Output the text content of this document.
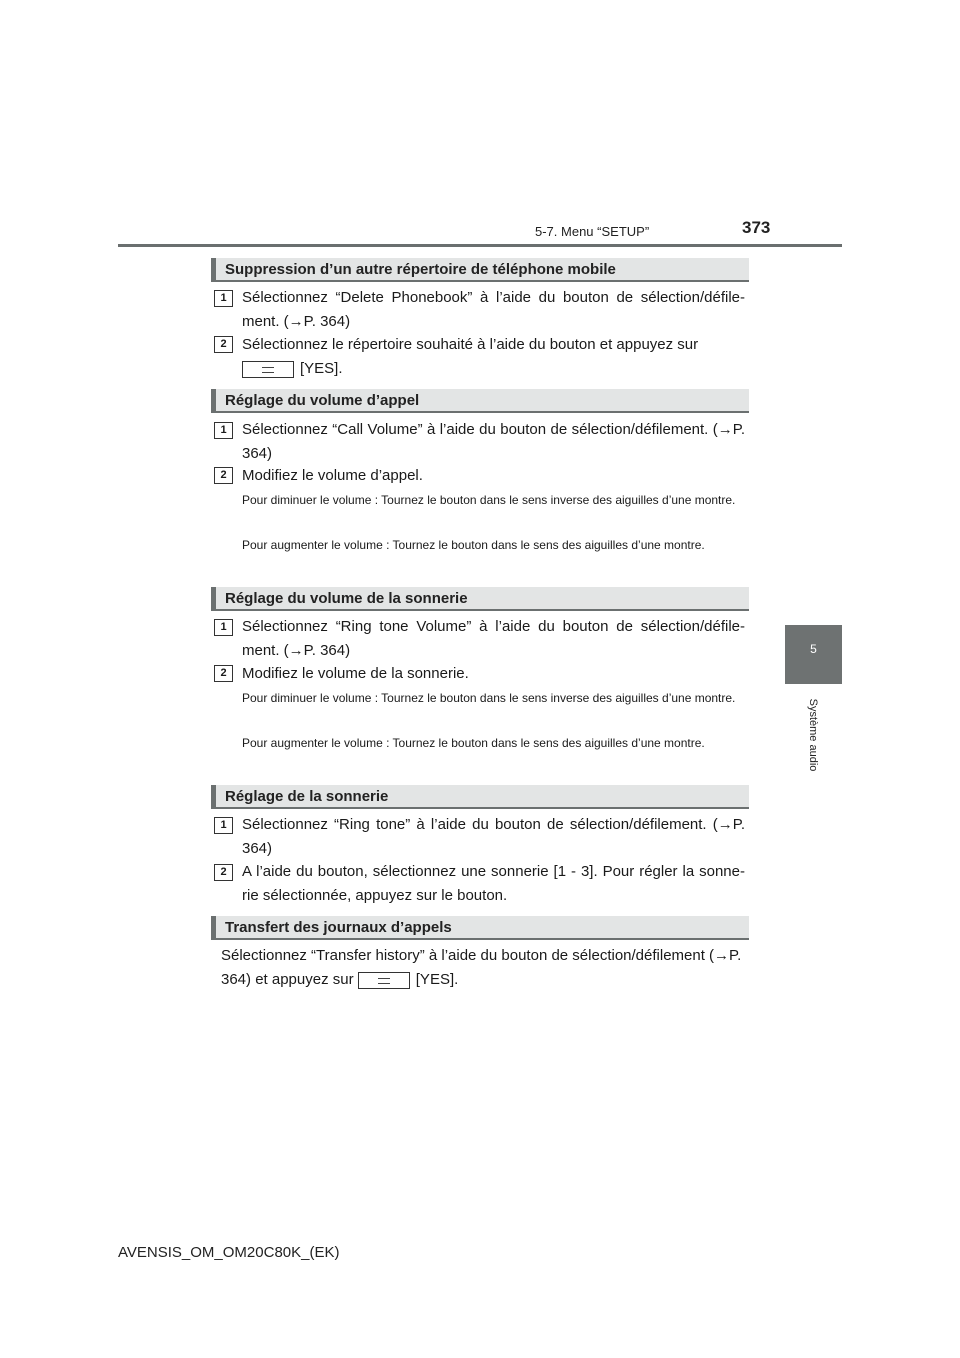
5-7. Menu “SETUP”	373
5
Système audio
Suppression d’un autre répertoire de téléphone mobile
1	Sélectionnez “Delete Phonebook” à l’aide du bouton de sélection/défile-ment. (→P. 364)
2	Sélectionnez le répertoire souhaité à l’aide du bouton et appuyez sur
[YES].
Réglage du volume d’appel
1	Sélectionnez “Call Volume” à l’aide du bouton de sélection/défilement. (→P. 364)
2	Modifiez le volume d’appel.
Pour diminuer le volume : Tournez le bouton dans le sens inverse des aiguilles d’une montre.
Pour augmenter le volume : Tournez le bouton dans le sens des aiguilles d’une montre.
Réglage du volume de la sonnerie
1	Sélectionnez “Ring tone Volume” à l’aide du bouton de sélection/défile-ment. (→P. 364)
2	Modifiez le volume de la sonnerie.
Pour diminuer le volume : Tournez le bouton dans le sens inverse des aiguilles d’une montre.
Pour augmenter le volume : Tournez le bouton dans le sens des aiguilles d’une montre.
Réglage de la sonnerie
1	Sélectionnez “Ring tone” à l’aide du bouton de sélection/défilement. (→P. 364)
2	A l’aide du bouton, sélectionnez une sonnerie [1 - 3]. Pour régler la sonne-rie sélectionnée, appuyez sur le bouton.
Transfert des journaux d’appels
Sélectionnez “Transfer history” à l’aide du bouton de sélection/défilement (→P. 364) et appuyez sur	[YES].
AVENSIS_OM_OM20C80K_(EK)
